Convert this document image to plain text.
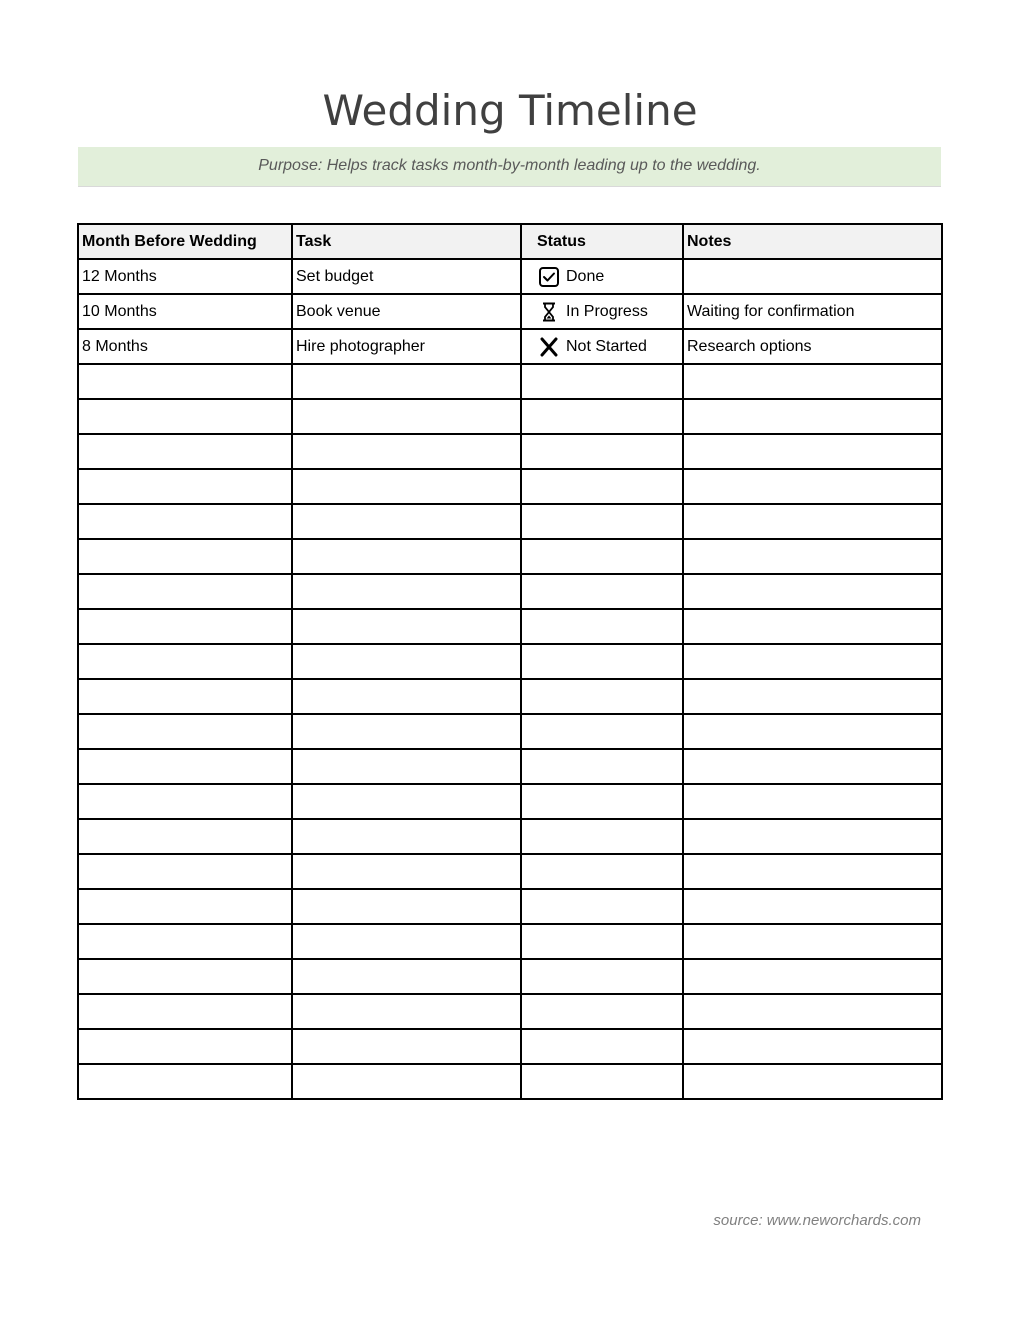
Wedding Timeline
Purpose: Helps track tasks month-by-month leading up to the wedding.
Month Before Wedding	Task	Status	Notes
12 Months	Set budget	Done	
10 Months	Book venue	In Progress	Waiting for confirmation
8 Months	Hire photographer	Not Started	Research options

source: www.neworchards.com
